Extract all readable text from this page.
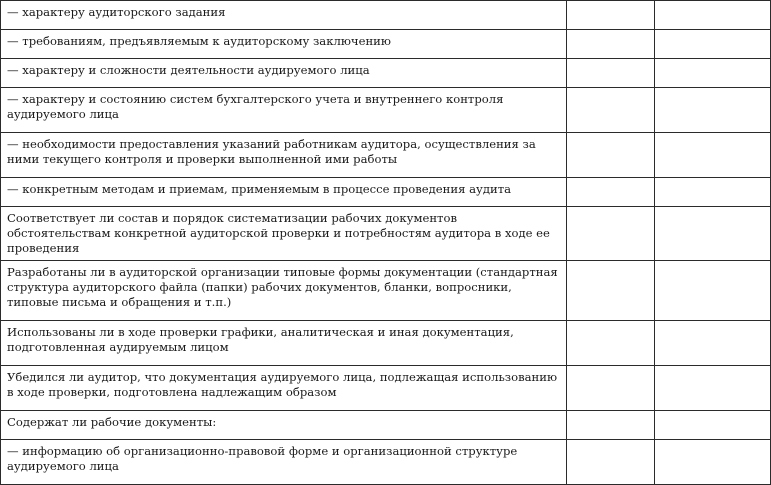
— характеру аудиторского задания		
— требованиям, предъявляемым к аудиторскому заключению		
— характеру и сложности деятельности аудируемого лица		
— характеру и состоянию систем бухгалтерского учета и внутреннего контроля аудируемого лица		
— необходимости предоставления указаний работникам аудитора, осуществления за ними текущего контроля и проверки выполненной ими работы		
— конкретным методам и приемам, применяемым в процессе проведения аудита		
Соответствует ли состав и порядок систематизации рабочих документов обстоятельствам конкретной аудиторской проверки и потребностям аудитора в ходе ее проведения		
Разработаны ли в аудиторской организации типовые формы документации (стандартная структура аудиторского файла (папки) рабочих документов, бланки, вопросники, типовые письма и обращения и т.п.)		
Использованы ли в ходе проверки графики, аналитическая и иная документация, подготовленная аудируемым лицом		
Убедился ли аудитор, что документация аудируемого лица, подлежащая использованию в ходе проверки, подготовлена надлежащим образом		
Содержат ли рабочие документы:		
— информацию об организационно-правовой форме и организационной структуре аудируемого лица		
